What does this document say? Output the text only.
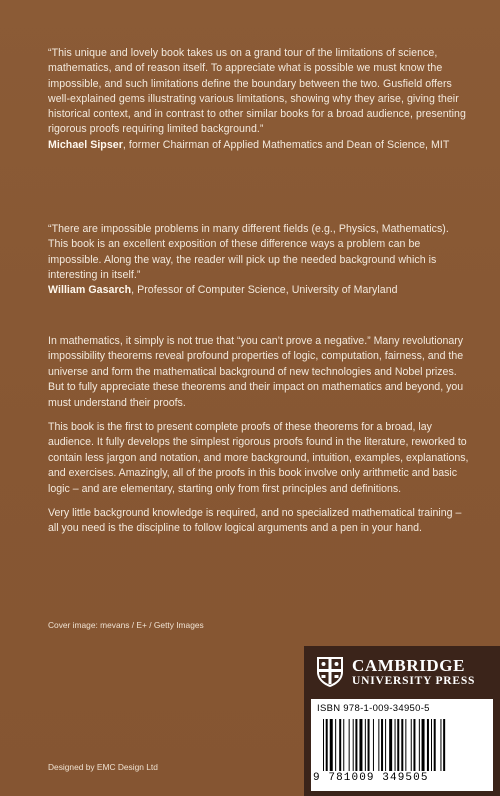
“This unique and lovely book takes us on a grand tour of the limitations of science, mathematics, and of reason itself. To appreciate what is possible we must know the impossible, and such limitations define the boundary between the two. Gusfield offers well-explained gems illustrating various limitations, showing why they arise, giving their historical context, and in contrast to other similar books for a broad audience, presenting rigorous proofs requiring limited background.”

Michael Sipser, former Chairman of Applied Mathematics and Dean of Science, MIT

“There are impossible problems in many different fields (e.g., Physics, Mathematics). This book is an excellent exposition of these difference ways a problem can be impossible. Along the way, the reader will pick up the needed background which is interesting in itself.”

William Gasarch, Professor of Computer Science, University of Maryland

In mathematics, it simply is not true that “you can’t prove a negative.” Many revolutionary impossibility theorems reveal profound properties of logic, computation, fairness, and the universe and form the mathematical background of new technologies and Nobel prizes. But to fully appreciate these theorems and their impact on mathematics and beyond, you must understand their proofs.

This book is the first to present complete proofs of these theorems for a broad, lay audience. It fully develops the simplest rigorous proofs found in the literature, reworked to contain less jargon and notation, and more background, intuition, examples, explanations, and exercises. Amazingly, all of the proofs in this book involve only arithmetic and basic logic – and are elementary, starting only from first principles and definitions.

Very little background knowledge is required, and no specialized mathematical training – all you need is the discipline to follow logical arguments and a pen in your hand.

Cover image: mevans / E+ / Getty Images
Designed by EMC Design Ltd
CAMBRIDGE
UNIVERSITY PRESS
ISBN 978-1-009-34950-5
9 781009 349505
